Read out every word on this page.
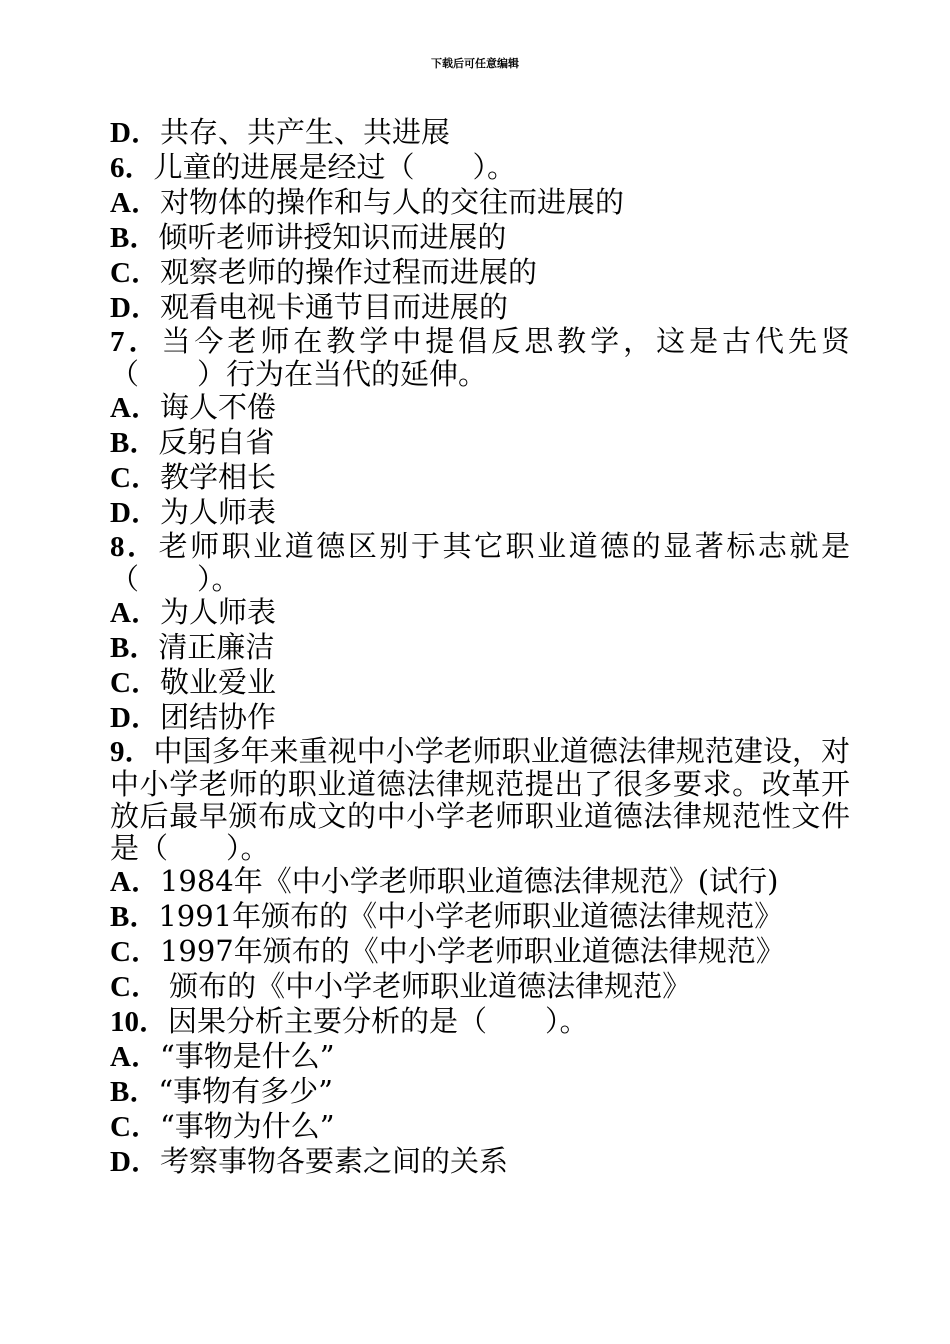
下载后可任意编辑
D．共存、共产生、共进展
6．儿童的进展是经过（　　）。
A．对物体的操作和与人的交往而进展的
B．倾听老师讲授知识而进展的
C．观察老师的操作过程而进展的
D．观看电视卡通节目而进展的
7．当今老师在教学中提倡反思教学，这是古代先贤（　　）行为在当代的延伸。
A．诲人不倦
B．反躬自省
C．教学相长
D．为人师表
8．老师职业道德区别于其它职业道德的显著标志就是（　　）。
A．为人师表
B．清正廉洁
C．敬业爱业
D．团结协作
9．中国多年来重视中小学老师职业道德法律规范建设，对中小学老师的职业道德法律规范提出了很多要求。改革开放后最早颁布成文的中小学老师职业道德法律规范性文件是（　　）。
A．1984年《中小学老师职业道德法律规范》(试行)
B．1991年颁布的《中小学老师职业道德法律规范》
C．1997年颁布的《中小学老师职业道德法律规范》
C． 颁布的《中小学老师职业道德法律规范》
10．因果分析主要分析的是（　　）。
A．“事物是什么”
B．“事物有多少”
C．“事物为什么”
D．考察事物各要素之间的关系
